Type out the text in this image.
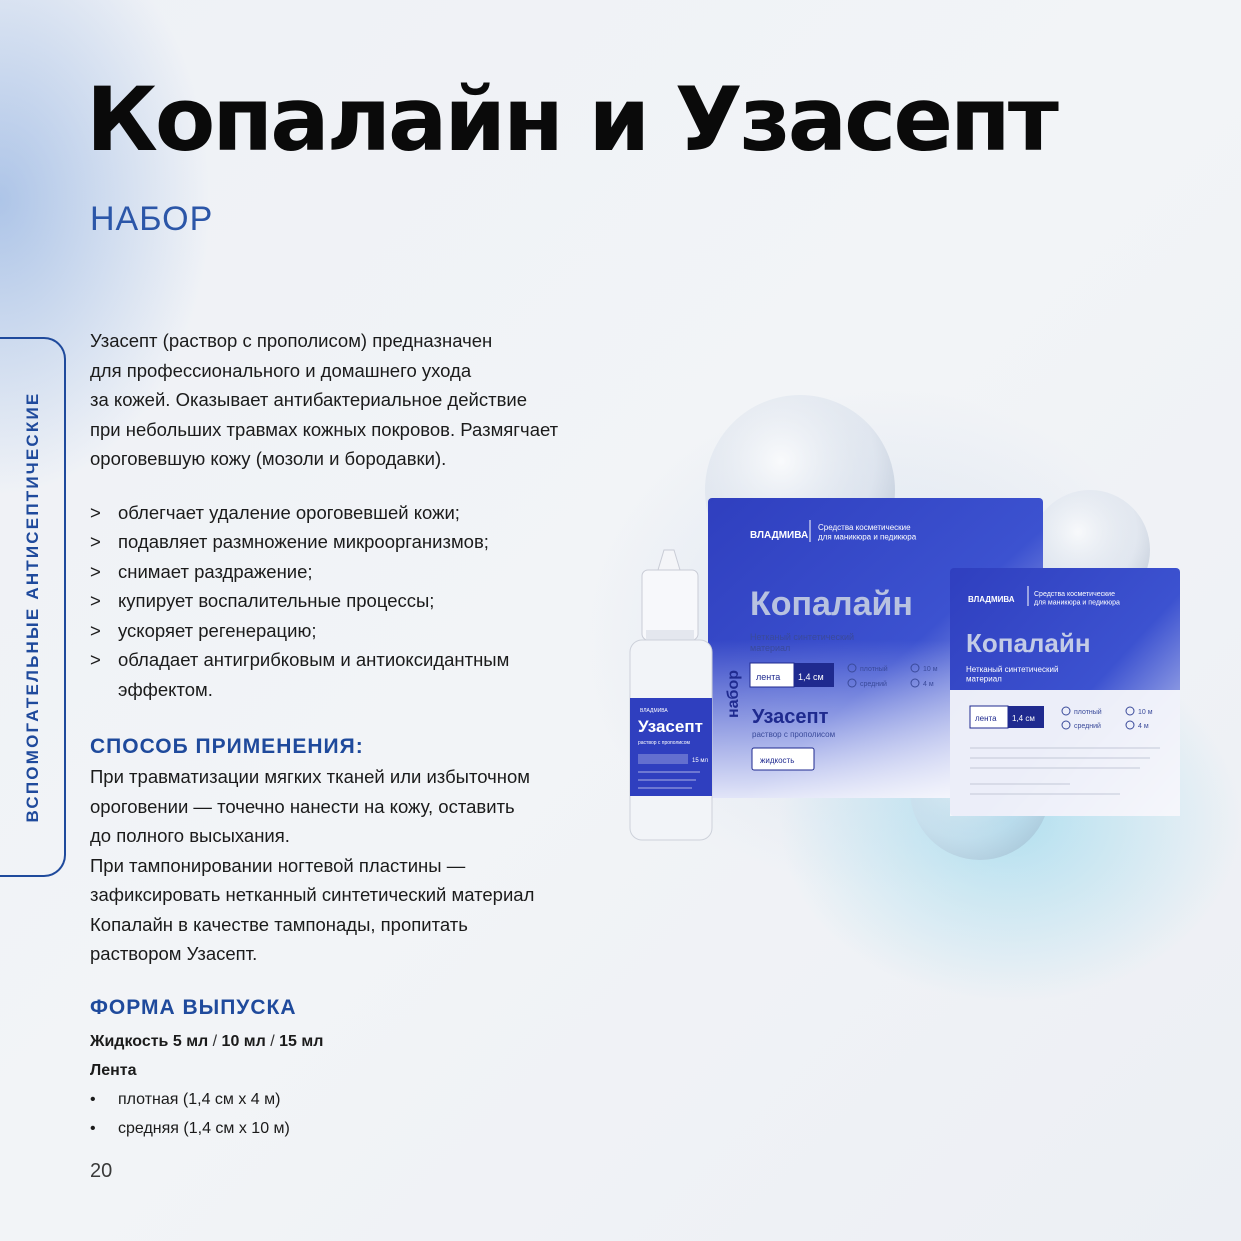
Копалайн и Узасепт
НАБОР
ВСПОМОГАТЕЛЬНЫЕ АНТИСЕПТИЧЕСКИЕ

Узасепт (раствор с прополисом) предназначен
для профессионального и домашнего ухода
за кожей. Оказывает антибактериальное действие
при небольших травмах кожных покровов. Размягчает
ороговевшую кожу (мозоли и бородавки).

> облегчает удаление ороговевшей кожи;
> подавляет размножение микроорганизмов;
> снимает раздражение;
> купирует воспалительные процессы;
> ускоряет регенерацию;
> обладает антигрибковым и антиоксидантным
эффектом.
СПОСОБ ПРИМЕНЕНИЯ:

При травматизации мягких тканей или избыточном
ороговении — точечно нанести на кожу, оставить
до полного высыхания.
При тампонировании ногтевой пластины —
зафиксировать нетканный синтетический материал
Копалайн в качестве тампонады, пропитать
раствором Узасепт.

ФОРМА ВЫПУСКА
Жидкость 5 мл / 10 мл / 15 мл
Лента
• плотная (1,4 см х 4 м)
• средняя (1,4 см х 10 м)
20
ВЛАДМИВА
Средства косметические для маникюра и педикюра
Копалайн
Нетканый синтетический материал
набор лента 1,4 см
плотный
средний
10 м
4 м
Узасепт
раствор с прополисом
жидкость
ВЛАДМИВА
Средства косметические для маникюра и педикюра
Копалайн
Нетканый синтетический материал
лента 1,4 см
плотный
средний
10 м
4 м
ВЛАДМИВА
Узасепт
раствор с прополисом
15 мл
